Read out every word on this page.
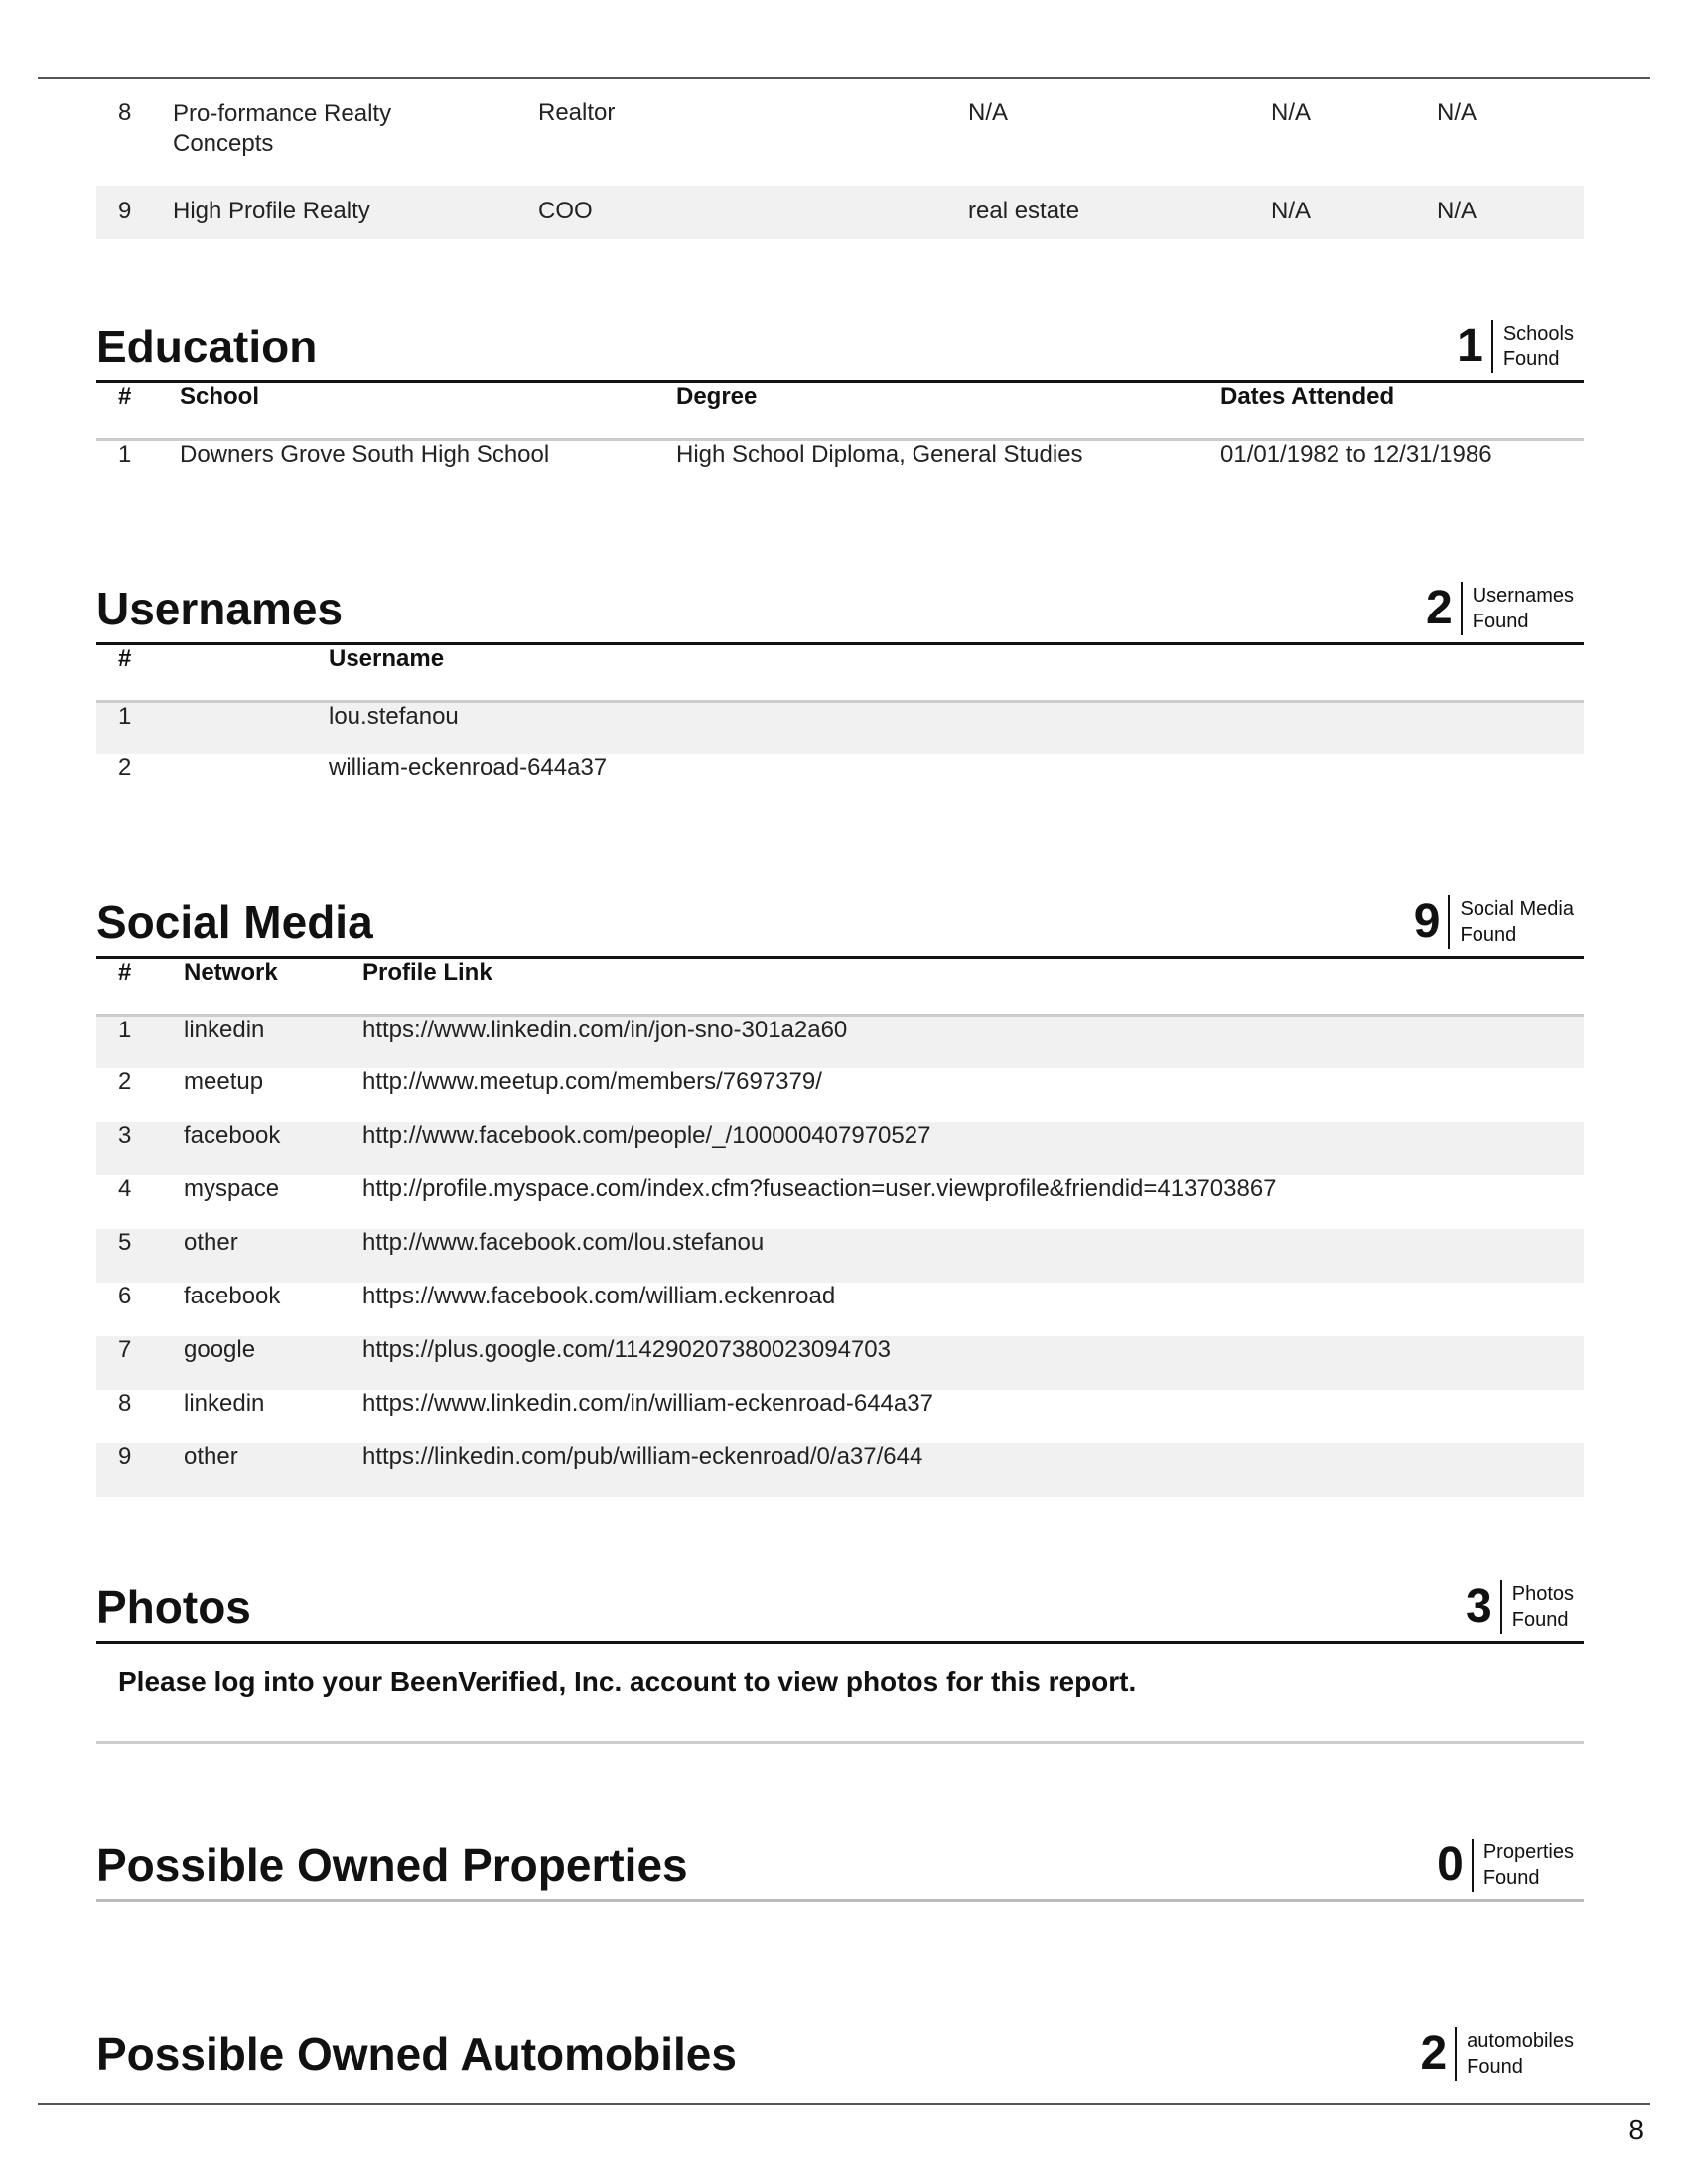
8	Pro-formance Realty Concepts	Realtor	N/A	N/A	N/A
9	High Profile Realty	COO	real estate	N/A	N/A
Education	1	Schools
Found
#	School	Degree	Dates Attended
1	Downers Grove South High School	High School Diploma, General Studies	01/01/1982 to 12/31/1986
Usernames	2	Usernames
Found
#	Username
1	lou.stefanou
2	william-eckenroad-644a37
Social Media	9	Social Media
Found
#	Network	Profile Link
1	linkedin	https://www.linkedin.com/in/jon-sno-301a2a60
2	meetup	http://www.meetup.com/members/7697379/
3	facebook	http://www.facebook.com/people/_/100000407970527
4	myspace	http://profile.myspace.com/index.cfm?fuseaction=user.viewprofile&friendid=413703867
5	other	http://www.facebook.com/lou.stefanou
6	facebook	https://www.facebook.com/william.eckenroad
7	google	https://plus.google.com/114290207380023094703
8	linkedin	https://www.linkedin.com/in/william-eckenroad-644a37
9	other	https://linkedin.com/pub/william-eckenroad/0/a37/644
Photos	3	Photos
Found
Please log into your BeenVerified, Inc. account to view photos for this report.
Possible Owned Properties	0	Properties
Found
Possible Owned Automobiles	2	automobiles
Found
8
